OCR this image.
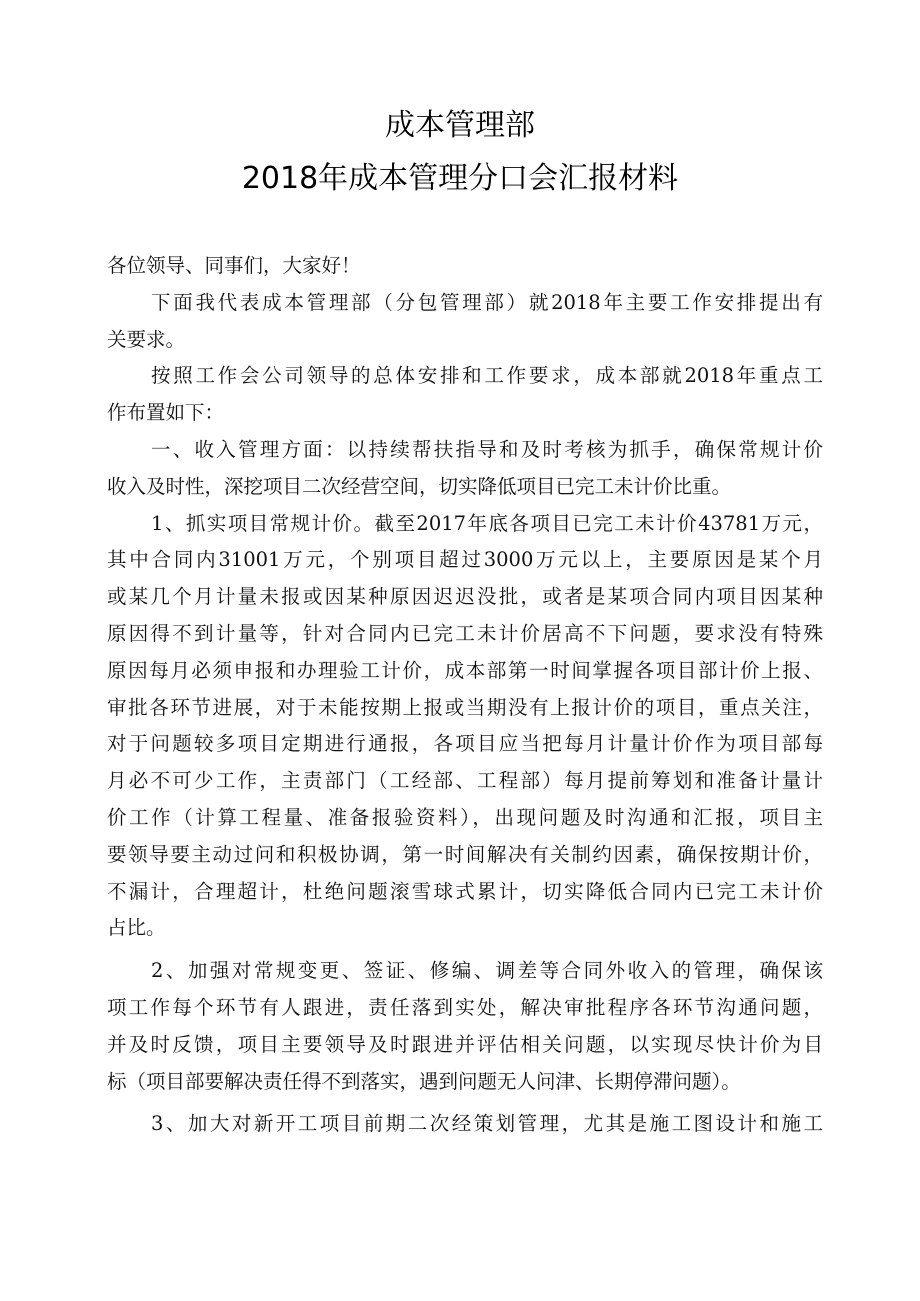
成本管理部
2018年成本管理分口会汇报材料
各位领导、同事们，大家好！
下面我代表成本管理部（分包管理部）就2018年主要工作安排提出有
关要求。
按照工作会公司领导的总体安排和工作要求，成本部就2018年重点工
作布置如下：
一、收入管理方面：以持续帮扶指导和及时考核为抓手，确保常规计价
收入及时性，深挖项目二次经营空间，切实降低项目已完工未计价比重。
1、抓实项目常规计价。截至2017年底各项目已完工未计价43781万元，
其中合同内31001万元，个别项目超过3000万元以上，主要原因是某个月
或某几个月计量未报或因某种原因迟迟没批，或者是某项合同内项目因某种
原因得不到计量等，针对合同内已完工未计价居高不下问题，要求没有特殊
原因每月必须申报和办理验工计价，成本部第一时间掌握各项目部计价上报、
审批各环节进展，对于未能按期上报或当期没有上报计价的项目，重点关注，
对于问题较多项目定期进行通报，各项目应当把每月计量计价作为项目部每
月必不可少工作，主责部门（工经部、工程部）每月提前筹划和准备计量计
价工作（计算工程量、准备报验资料），出现问题及时沟通和汇报，项目主
要领导要主动过问和积极协调，第一时间解决有关制约因素，确保按期计价，
不漏计，合理超计，杜绝问题滚雪球式累计，切实降低合同内已完工未计价
占比。
2、加强对常规变更、签证、修编、调差等合同外收入的管理，确保该
项工作每个环节有人跟进，责任落到实处，解决审批程序各环节沟通问题，
并及时反馈，项目主要领导及时跟进并评估相关问题，以实现尽快计价为目
标（项目部要解决责任得不到落实，遇到问题无人问津、长期停滞问题）。
3、加大对新开工项目前期二次经策划管理，尤其是施工图设计和施工
